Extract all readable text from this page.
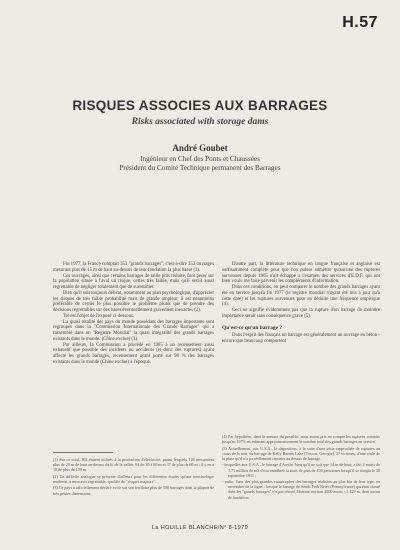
H.57
RISQUES ASSOCIES AUX BARRAGES
Risks associated with storage dams
André Goubet
Ingénieur en Chef des Ponts et Chaussées
Président du Comité Technique permanent des Barrages

Fin 1977, la France comptait 353 "grands barrages", c'est-à-dire 353 ouvrages mesurant plus de 15 m de haut au-dessus de leur fondation la plus basse (1).

Ces ouvrages, ainsi que certains barrages de taille plus réduite, font peser sur la population située à l'aval un risque, certes très faible, mais qu'il serait aussi regrettable de négliger totalement que de surestimer.

Bien qu'il soit toujours délicat, notamment au plan psychologique, d'apprécier les risques de très faible probabilité mais de grande ampleur, il est néanmoins préférable de cerner le plus possible le problème plutôt que de prendre des décisions regrettables sur des bases éventuellement gravement inexactes (2).

Tel est l'objet de l'exposé ci-dessous.

La quasi totalité des pays du monde possédant des barrages importants sont regroupés dans la "Commission Internationale des Grands Barrages" qui a rassemblé dans un "Registre Mondial" la quasi intégralité des grands barrages existants dans le monde. (Chine exclue) (3).

Par ailleurs, la Commission a procédé en 1965 à un recensement aussi exhaustif que possible des incidents ou accidents (et donc des ruptures) ayant affecté les grands barrages, recensement ayant porté sur 96 % des barrages existants dans le monde (Chine exclue) à l'époque.

(1) Sur ce total, 302 étaient utilisés à la production d'électricité, parmi lesquels 128 mesuraient plus de 20 m de haut au-dessus du lit de la vallée, 94 de 30 à 60 m et 37 de plus de 60 m ; il y en a 10 de plus de 100 m.

(2) Un difficile analogue se présente d'ailleurs pour les différentes études qu'une terminologie moderne, à mon avis regrettable, qualifie de "risques majeurs".

(3) Ce pays a officiellement déclaré avoir sur son territoire plus de 500 barrages dont la plupart de très petites dimensions.

D'autre part, la littérature technique en langue française et anglaise est suffisamment complète pour que l'on puisse admettre qu'aucune des ruptures survenues depuis 1965 n'ait échappé à l'examen des services d'E.D.F. qui ont bien voulu me faire parvenir les compléments d'information.

Dans ces conditions, on peut comparer le nombre des grands barrages ayant été en service jusqu'à fin 1977 (le registre mondial n'ayant été mis à jour qu'à cette date) et les ruptures survenues pour en déduire une fréquence empirique (4).

Ceci ne signifie évidemment pas que la rupture d'un barrage de moindre importance serait sans conséquence grave (5).

Qu'est-ce qu'un barrage ?

Dans l'esprit des français un barrage est généralement un ouvrage en béton - encore que beaucoup comportent

(4) Par hypothèse, dans le mesure du possible, nous avons pris en compte les ruptures connues jusqu'en 1979, en estimant approximativement le nombre total des grands barrages en service.

(5) Actuellement, aux U.S.A., la disposition, à la suite d'une série rapprochée de ruptures au cours de la nuit, du barrage de Kelly Barnes Lake (Toccoa, Georgie), 37 victimes, d'une seule de la pluie qu'il n'a pu réellement reporter au dessus de barrage.

- lesquelles aux U.S.A., le barrage d'Austin, bien qu'il ne soit que 14 m de haut, a fait 2 morts de 1,71 million de m3 d'eau entraînée la mort de plus de 100 personnes lorsqu'il se rompit le 30 septembre 1911 ;

- enfin, l'une des plus grandes catastrophes des barrages réalisées au plus bas de leur type, en novembre de la ligne ; lorsque le barrage de South Fork River (Pennsylvanie) qui était classé dans les "grands barrages" n'a pas résisté, libérant environ 2000 morts - 2 329 m, dont aucun de fondation.

La HOUILLE BLANCHE/N° 8-1979
